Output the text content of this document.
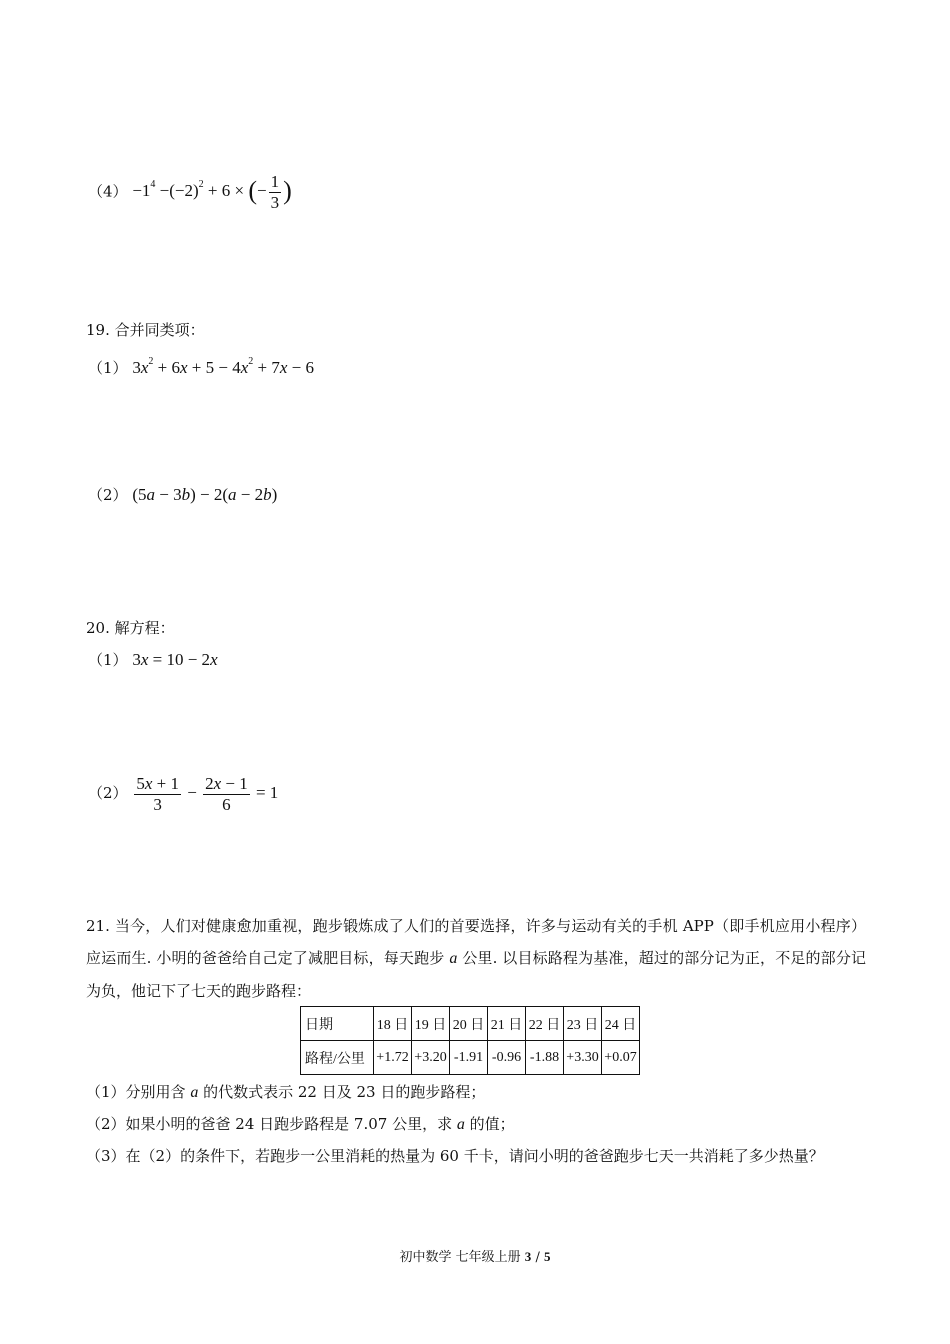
$(4) -1^4 -(-2)^2 + 6$ × (− $\frac{1}{3}$ )
19. 合并同类项：
（1） $3x^2 + 6x + 5 - 4x^2 + 7x - 6$
（2） (5a − 3b) − 2(a − 2b)
20. 解方程：
（1） 3x = 10 − 2x
$(2) \frac{5x + 1}{3} - \frac{2x - 1}{6} = 1$
21. 当今，人们对健康愈加重视，跑步锻炼成了人们的首要选择，许多与运动有关的手机 APP（即手机应用小程序）应运而生. 小明的爸爸给自己定了减肥目标，每天跑步 a 公里. 以目标路程为基准，超过的部分记为正，不足的部分记为负，他记下了七天的跑步路程：
日期	18 日	19 日	20 日	21 日	22 日	23 日	24 日
路程/公里	+1.72	+3.20	-1.91	-0.96	-1.88	+3.30	+0.07
（1）分别用含 a 的代数式表示 22 日及 23 日的跑步路程；
（2）如果小明的爸爸 24 日跑步路程是 7.07 公里，求 a 的值；
（3）在（2）的条件下，若跑步一公里消耗的热量为 60 千卡，请问小明的爸爸跑步七天一共消耗了多少热量？
初中数学 七年级上册 3 / 5
